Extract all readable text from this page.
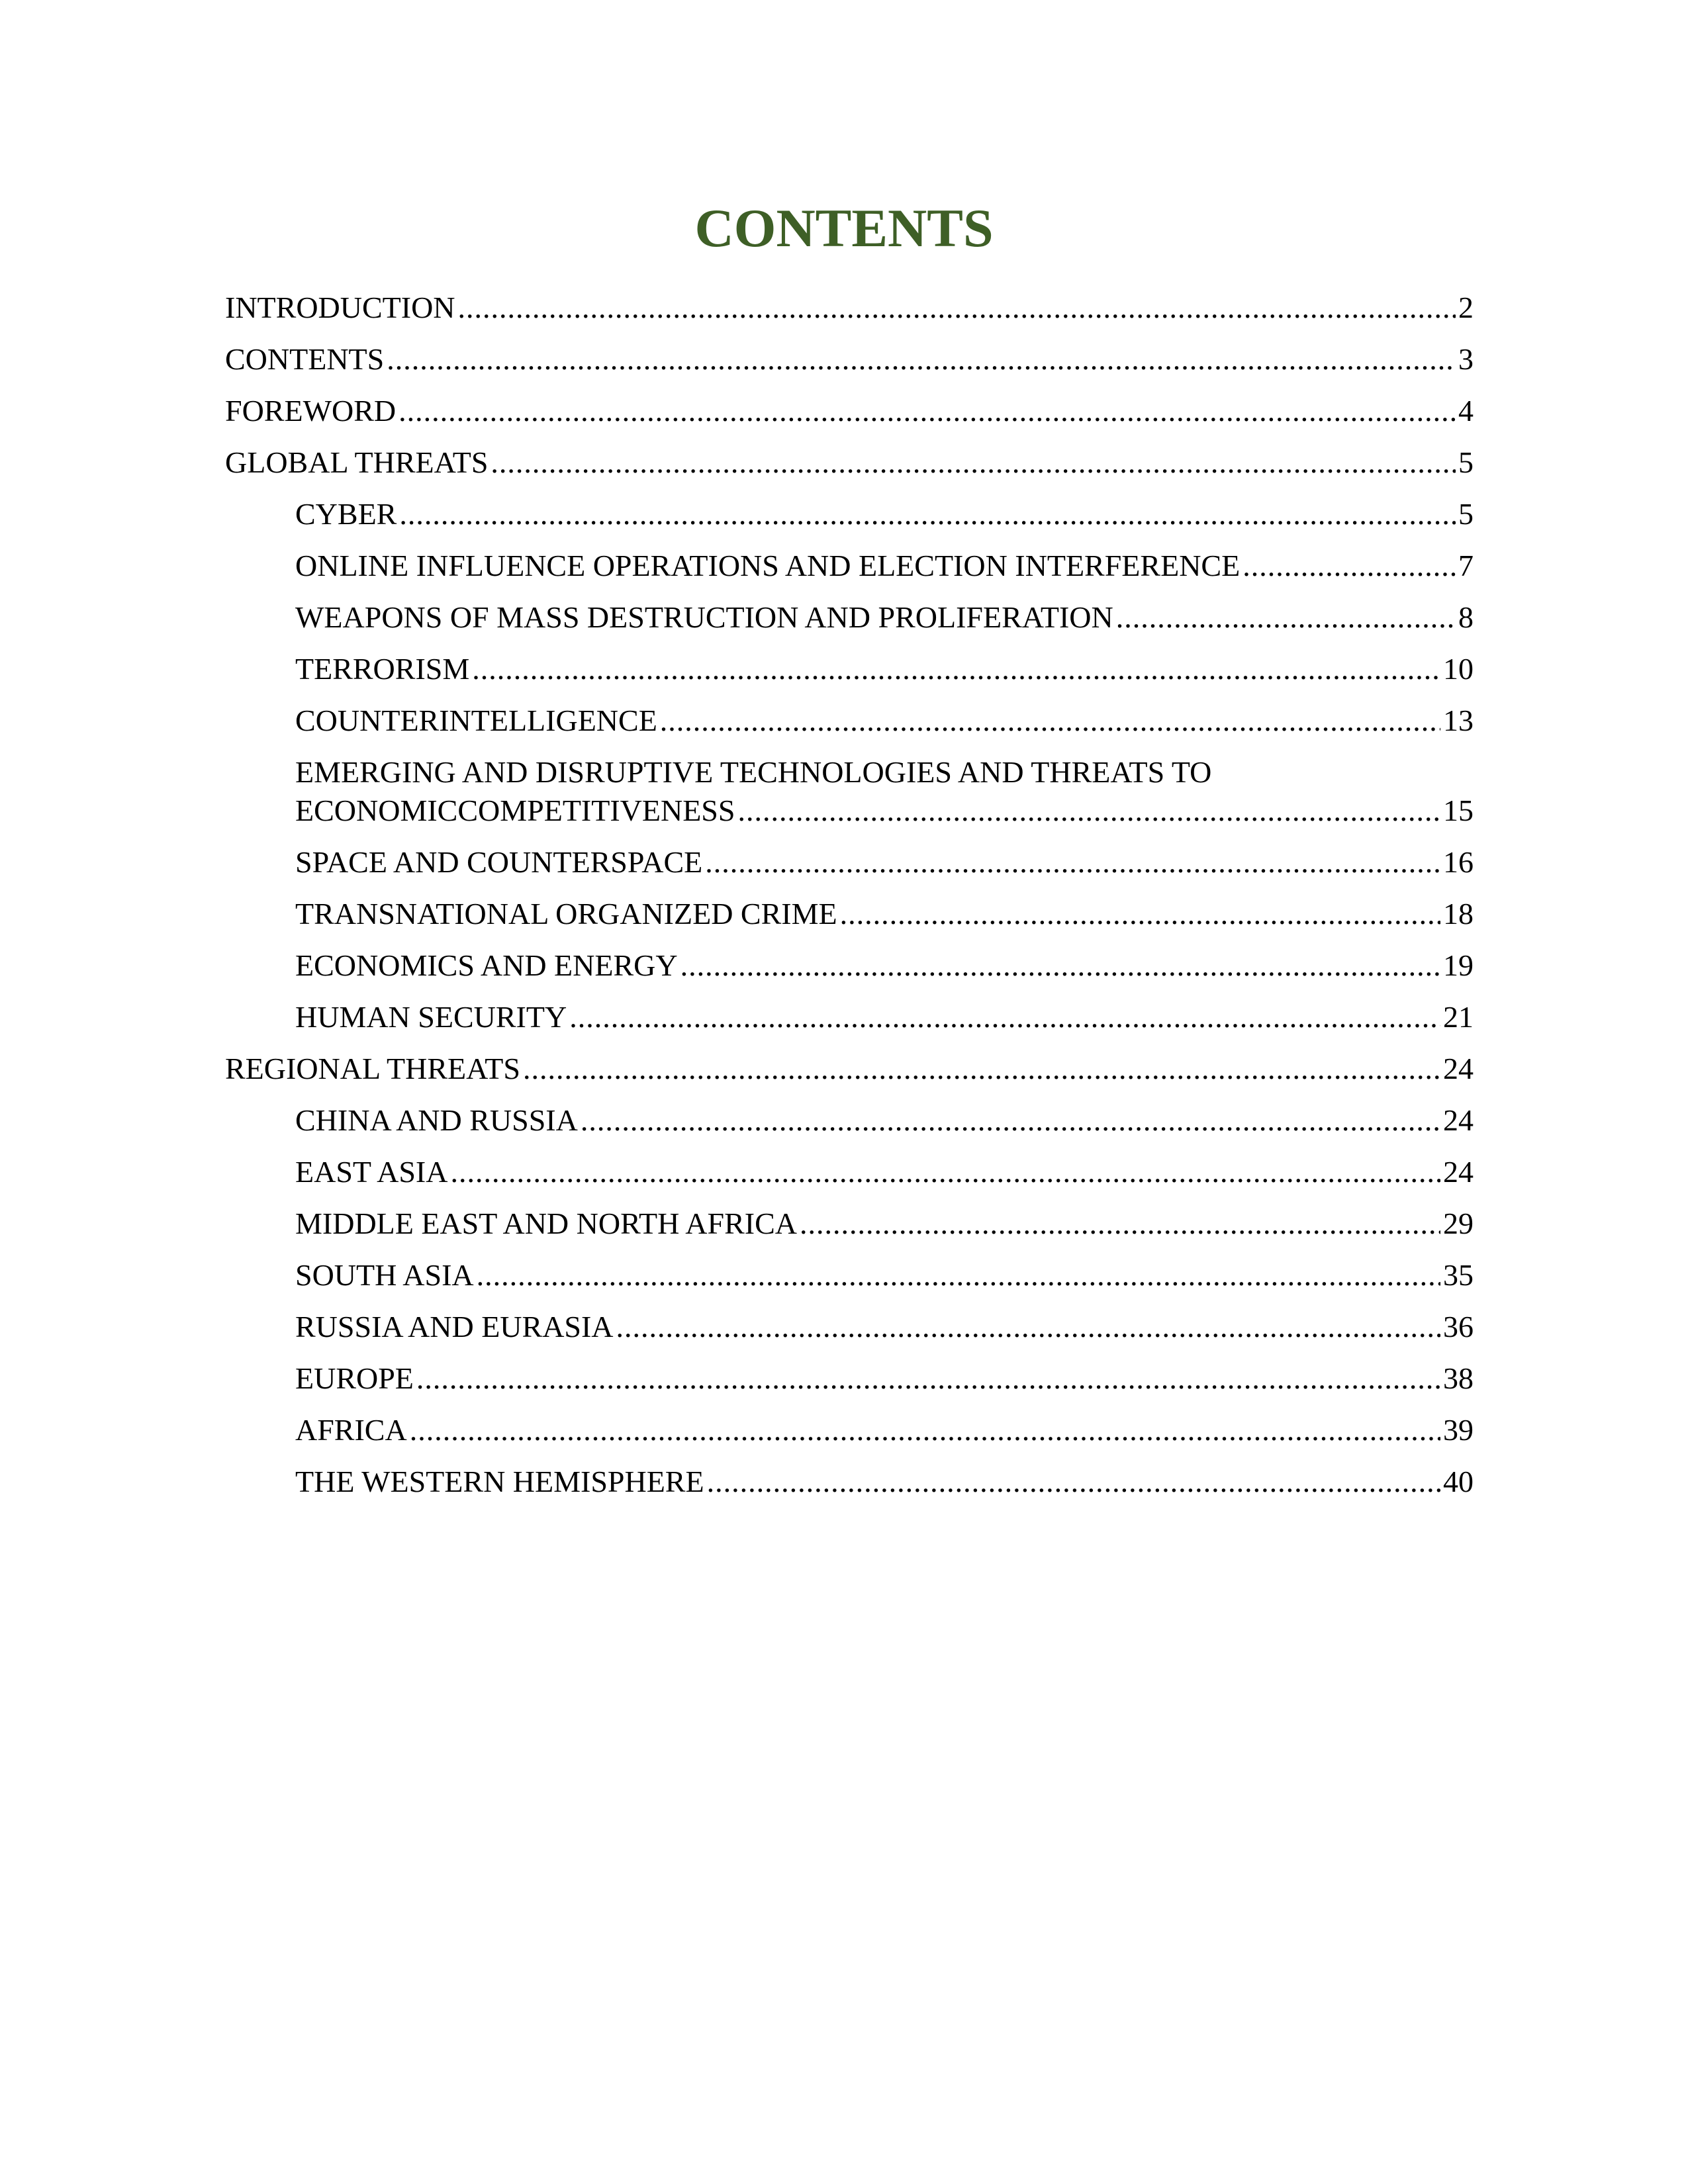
CONTENTS
INTRODUCTION .....	2
CONTENTS .....	3
FOREWORD .....	4
GLOBAL THREATS .....	5
CYBER .....	5
ONLINE INFLUENCE OPERATIONS AND ELECTION INTERFERENCE .....	7
WEAPONS OF MASS DESTRUCTION AND PROLIFERATION .....	8
TERRORISM .....	10
COUNTERINTELLIGENCE .....	13
EMERGING AND DISRUPTIVE TECHNOLOGIES AND THREATS TO
ECONOMICCOMPETITIVENESS .....	15
SPACE AND COUNTERSPACE .....	16
TRANSNATIONAL ORGANIZED CRIME .....	18
ECONOMICS AND ENERGY .....	19
HUMAN SECURITY .....	21
REGIONAL THREATS .....	24
CHINA AND RUSSIA .....	24
EAST ASIA .....	24
MIDDLE EAST AND NORTH AFRICA .....	29
SOUTH ASIA .....	35
RUSSIA AND EURASIA .....	36
EUROPE .....	38
AFRICA .....	39
THE WESTERN HEMISPHERE .....	40
